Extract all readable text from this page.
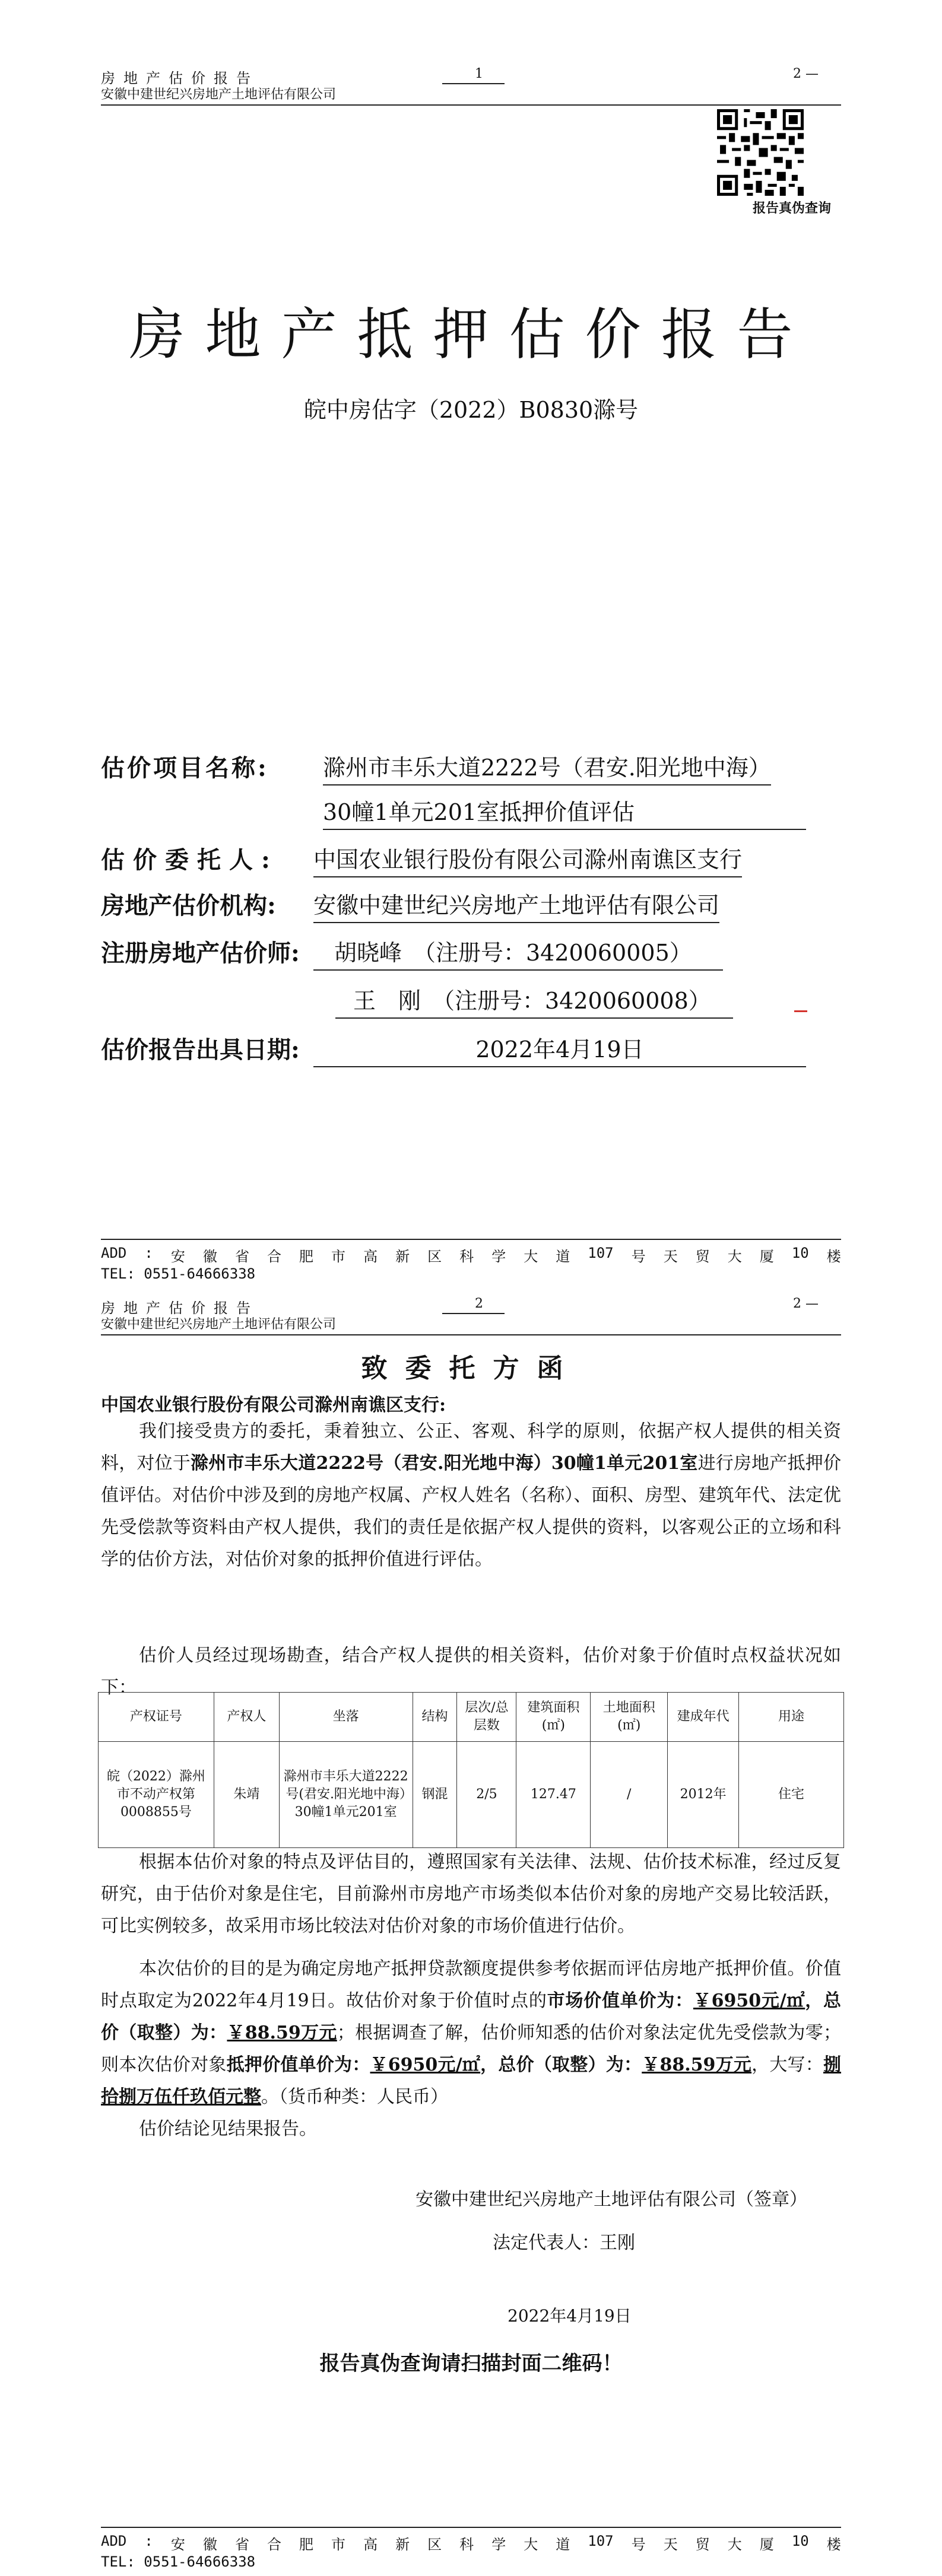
房地产估价报告
安徽中建世纪兴房地产土地评估有限公司
1	2 —
报告真伪查询
房地产抵押估价报告
皖中房估字（2022）B0830滁号
估价项目名称: 滁州市丰乐大道2222号（君安.阳光地中海）
30幢1单元201室抵押价值评估
估价委托人: 中国农业银行股份有限公司滁州南谯区支行
房地产估价机构: 安徽中建世纪兴房地产土地评估有限公司
注册房地产估价师:	胡晓峰　（注册号：3420060005）
王　刚　（注册号：3420060008）
估价报告出具日期:	2022年4月19日
ADD : 安 徽 省 合 肥 市 高 新 区 科 学 大 道 107 号 天 贸 大 厦 10 楼
TEL: 0551-64666338
房地产估价报告
安徽中建世纪兴房地产土地评估有限公司
2	2 —
致委托方函
中国农业银行股份有限公司滁州南谯区支行:
我们接受贵方的委托，秉着独立、公正、客观、科学的原则，依据产权人提供的相关资料，对位于滁州市丰乐大道2222号（君安.阳光地中海）30幢1单元201室进行房地产抵押价值评估。对估价中涉及到的房地产权属、产权人姓名（名称）、面积、房型、建筑年代、法定优先受偿款等资料由产权人提供，我们的责任是依据产权人提供的资料，以客观公正的立场和科学的估价方法，对估价对象的抵押价值进行评估。
估价人员经过现场勘查，结合产权人提供的相关资料，估价对象于价值时点权益状况如下：
产权证号	产权人	坐落	结构	层次/总层数	建筑面积(㎡)	土地面积(㎡)	建成年代	用途
皖（2022）滁州市不动产权第0008855号	朱靖	滁州市丰乐大道2222号(君安.阳光地中海）30幢1单元201室	钢混	2/5	127.47	/	2012年	住宅
根据本估价对象的特点及评估目的，遵照国家有关法律、法规、估价技术标准，经过反复研究，由于估价对象是住宅，目前滁州市房地产市场类似本估价对象的房地产交易比较活跃，可比实例较多，故采用市场比较法对估价对象的市场价值进行估价。
本次估价的目的是为确定房地产抵押贷款额度提供参考依据而评估房地产抵押价值。价值时点取定为2022年4月19日。故估价对象于价值时点的市场价值单价为：￥6950元/㎡，总价（取整）为：￥88.59万元；根据调查了解，估价师知悉的估价对象法定优先受偿款为零；则本次估价对象抵押价值单价为：￥6950元/㎡，总价（取整）为：￥88.59万元，大写：捌拾捌万伍仟玖佰元整。（货币种类：人民币）
估价结论见结果报告。
安徽中建世纪兴房地产土地评估有限公司（签章）
法定代表人：王刚
2022年4月19日
报告真伪查询请扫描封面二维码！
ADD : 安 徽 省 合 肥 市 高 新 区 科 学 大 道 107 号 天 贸 大 厦 10 楼
TEL: 0551-64666338
